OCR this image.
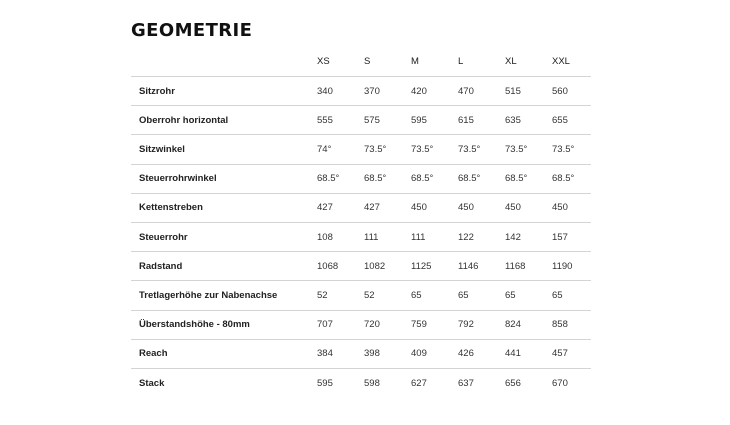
GEOMETRIE
	XS	S	M	L	XL	XXL
Sitzrohr	340	370	420	470	515	560
Oberrohr horizontal	555	575	595	615	635	655
Sitzwinkel	74°	73.5°	73.5°	73.5°	73.5°	73.5°
Steuerrohrwinkel	68.5°	68.5°	68.5°	68.5°	68.5°	68.5°
Kettenstreben	427	427	450	450	450	450
Steuerrohr	108	111	111	122	142	157
Radstand	1068	1082	1125	1146	1168	1190
Tretlagerhöhe zur Nabenachse	52	52	65	65	65	65
Überstandshöhe - 80mm	707	720	759	792	824	858
Reach	384	398	409	426	441	457
Stack	595	598	627	637	656	670
